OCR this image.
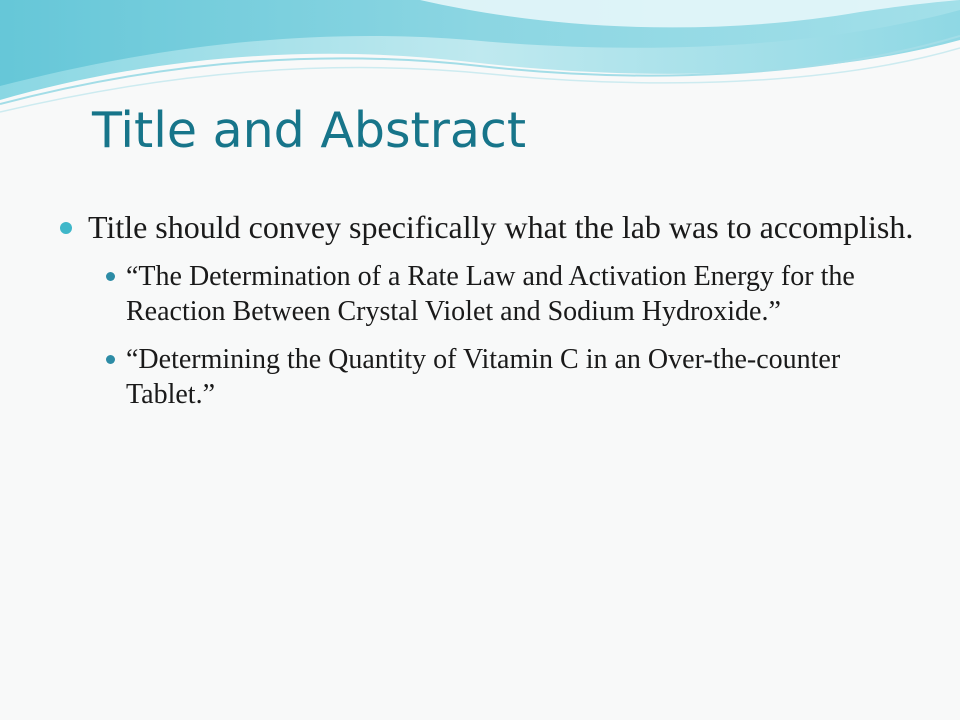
Title and Abstract
Title should convey specifically what the lab was to accomplish.
“The Determination of a Rate Law and Activation Energy for the Reaction Between Crystal Violet and Sodium Hydroxide.”
“Determining the Quantity of Vitamin C in an Over-the-counter Tablet.”
